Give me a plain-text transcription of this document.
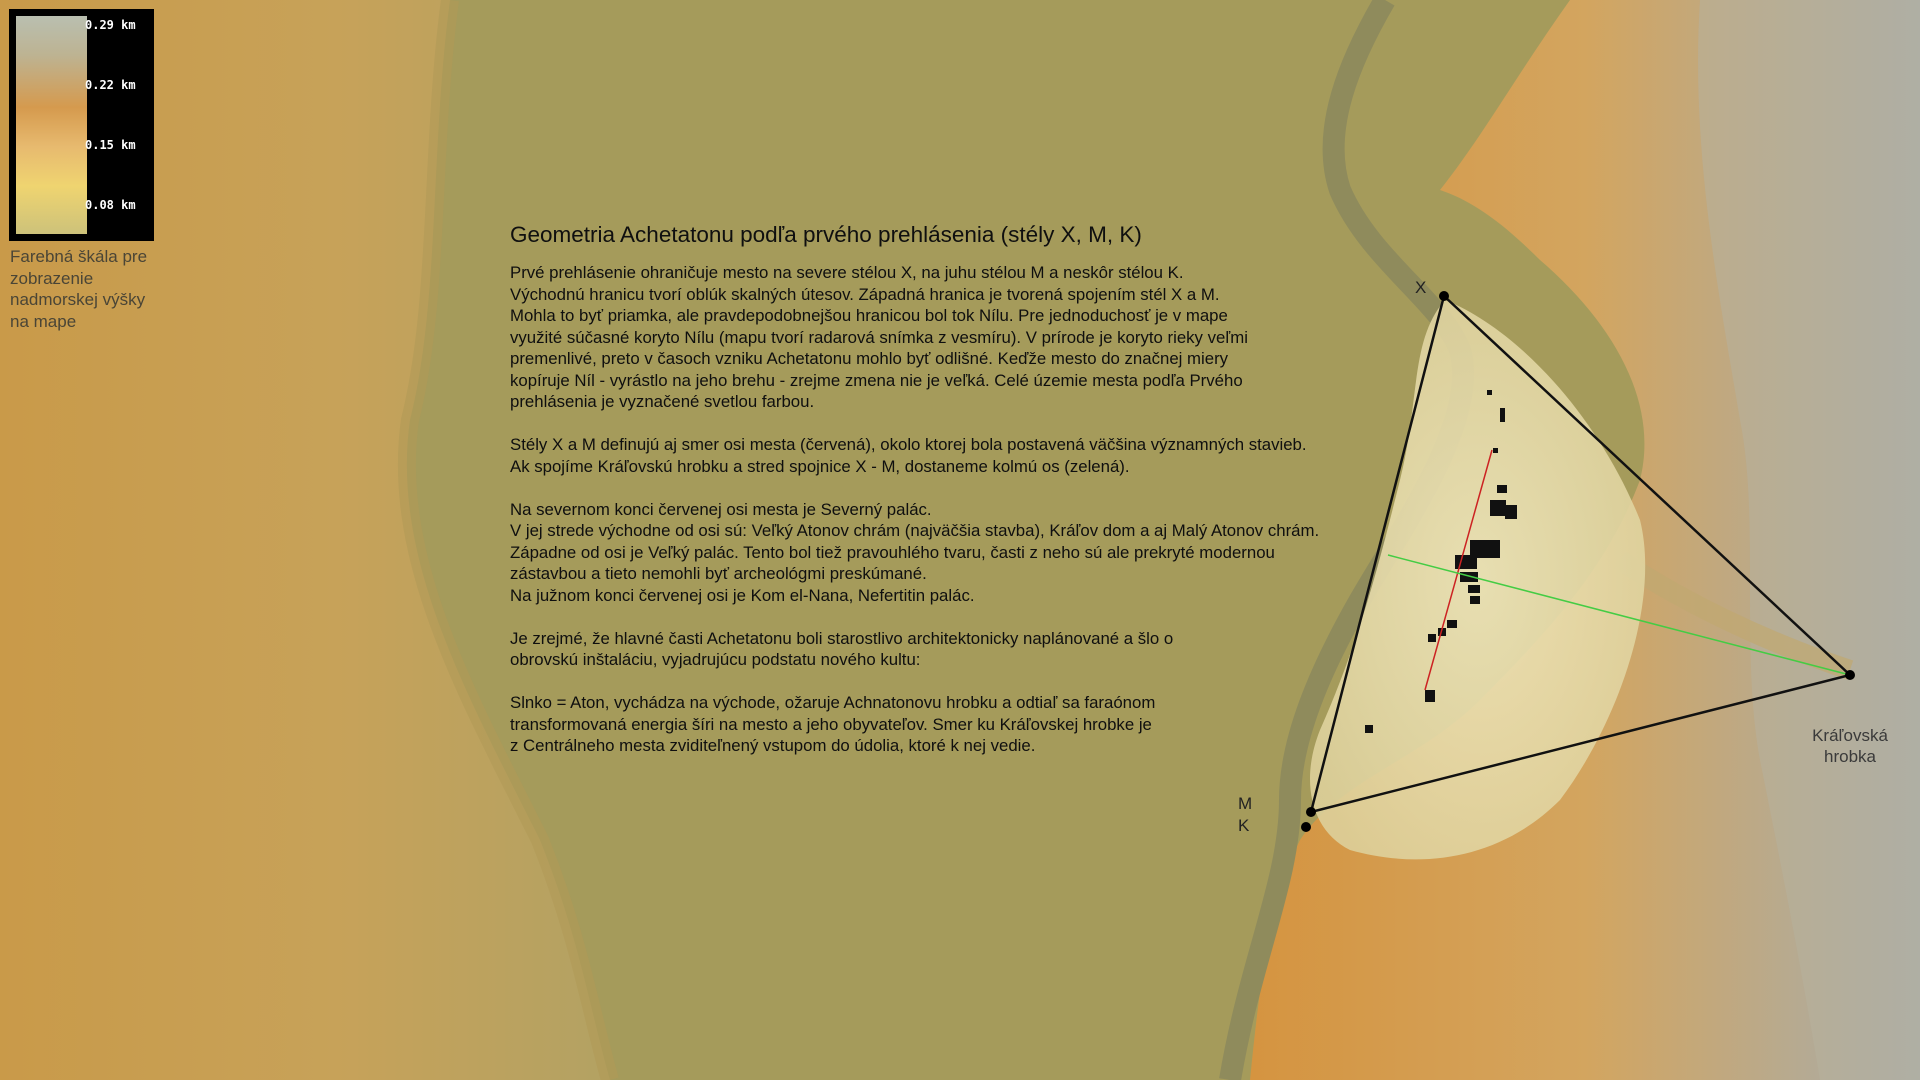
0.29 km
0.22 km
0.15 km
0.08 km
Farebná škála pre
zobrazenie
nadmorskej výšky
na mape
Geometria Achetatonu podľa prvého prehlásenia (stély X, M, K)
Prvé prehlásenie ohraničuje mesto na severe stélou X, na juhu stélou M a neskôr stélou K.
Východnú hranicu tvorí oblúk skalných útesov. Západná hranica je tvorená spojením stél X a M.
Mohla to byť priamka, ale pravdepodobnejšou hranicou bol tok Nílu. Pre jednoduchosť je v mape
využité súčasné koryto Nílu (mapu tvorí radarová snímka z vesmíru). V prírode je koryto rieky veľmi
premenlivé, preto v časoch vzniku Achetatonu mohlo byť odlišné. Keďže mesto do značnej miery
kopíruje Níl - vyrástlo na jeho brehu - zrejme zmena nie je veľká. Celé územie mesta podľa Prvého
prehlásenia je vyznačené svetlou farbou.
Stély X a M definujú aj smer osi mesta (červená), okolo ktorej bola postavená väčšina významných stavieb.
Ak spojíme Kráľovskú hrobku a stred spojnice X - M, dostaneme kolmú os (zelená).
Na severnom konci červenej osi mesta je Severný palác.
V jej strede východne od osi sú: Veľký Atonov chrám (najväčšia stavba), Kráľov dom a aj Malý Atonov chrám.
Západne od osi je Veľký palác. Tento bol tiež pravouhlého tvaru, časti z neho sú ale prekryté modernou
zástavbou a tieto nemohli byť archeológmi preskúmané.
Na južnom konci červenej osi je Kom el-Nana, Nefertitin palác.
Je zrejmé, že hlavné časti Achetatonu boli starostlivo architektonicky naplánované a šlo o
obrovskú inštaláciu, vyjadrujúcu podstatu nového kultu:
Slnko = Aton, vychádza na východe, ožaruje Achnatonovu hrobku a odtiaľ sa faraónom
transformovaná energia šíri na mesto a jeho obyvateľov. Smer ku Kráľovskej hrobke je
z Centrálneho mesta zviditeľnený vstupom do údolia, ktoré k nej vedie.
X
M
K
Kráľovská
hrobka
